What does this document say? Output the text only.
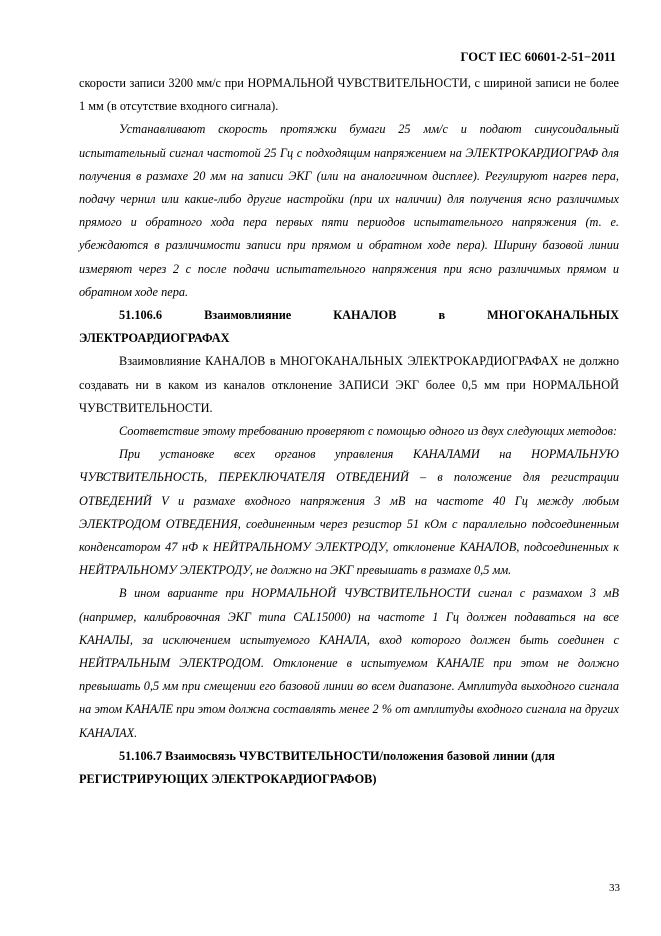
ГОСТ IEC 60601-2-51−2011

скорости записи 3200 мм/с при НОРМАЛЬНОЙ ЧУВСТВИТЕЛЬНОСТИ, с шириной записи не более 1 мм (в отсутствие входного сигнала).

Устанавливают скорость протяжки бумаги 25 мм/с и подают синусоидальный испытательный сигнал частотой 25 Гц с подходящим напряжением на ЭЛЕКТРОКАРДИОГРАФ для получения в размахе 20 мм на записи ЭКГ (или на аналогичном дисплее). Регулируют нагрев пера, подачу чернил или какие-либо другие настройки (при их наличии) для получения ясно различимых прямого и обратного хода пера первых пяти периодов испытательного напряжения (т. е. убеждаются в различимости записи при прямом и обратном ходе пера). Ширину базовой линии измеряют через 2 с после подачи испытательного напряжения при ясно различимых прямом и обратном ходе пера.

51.106.6	Взаимовлияние	КАНАЛОВ	в	МНОГОКАНАЛЬНЫХ
ЭЛЕКТРОАРДИОГРАФАХ

Взаимовлияние КАНАЛОВ в МНОГОКАНАЛЬНЫХ ЭЛЕКТРОКАРДИОГРАФАХ не должно создавать ни в каком из каналов отклонение ЗАПИСИ ЭКГ более 0,5 мм при НОРМАЛЬНОЙ ЧУВСТВИТЕЛЬНОСТИ.

Соответствие этому требованию проверяют с помощью одного из двух следующих методов:

При установке всех органов управления КАНАЛАМИ на НОРМАЛЬНУЮ ЧУВСТВИТЕЛЬНОСТЬ, ПЕРЕКЛЮЧАТЕЛЯ ОТВЕДЕНИЙ – в положение для регистрации ОТВЕДЕНИЙ V и размахе входного напряжения 3 мВ на частоте 40 Гц между любым ЭЛЕКТРОДОМ ОТВЕДЕНИЯ, соединенным через резистор 51 кОм с параллельно подсоединенным конденсатором 47 нФ к НЕЙТРАЛЬНОМУ ЭЛЕКТРОДУ, отклонение КАНАЛОВ, подсоединенных к НЕЙТРАЛЬНОМУ ЭЛЕКТРОДУ, не должно на ЭКГ превышать в размахе 0,5 мм.

В ином варианте при НОРМАЛЬНОЙ ЧУВСТВИТЕЛЬНОСТИ сигнал с размахом 3 мВ (например, калибровочная ЭКГ типа CAL15000) на частоте 1 Гц должен подаваться на все КАНАЛЫ, за исключением испытуемого КАНАЛА, вход которого должен быть соединен с НЕЙТРАЛЬНЫМ ЭЛЕКТРОДОМ. Отклонение в испытуемом КАНАЛЕ при этом не должно превышать 0,5 мм при смещении его базовой линии во всем диапазоне. Амплитуда выходного сигнала на этом КАНАЛЕ при этом должна составлять менее 2 % от амплитуды входного сигнала на других КАНАЛАХ.

51.106.7 Взаимосвязь ЧУВСТВИТЕЛЬНОСТИ/положения базовой линии (для
РЕГИСТРИРУЮЩИХ ЭЛЕКТРОКАРДИОГРАФОВ)
33
